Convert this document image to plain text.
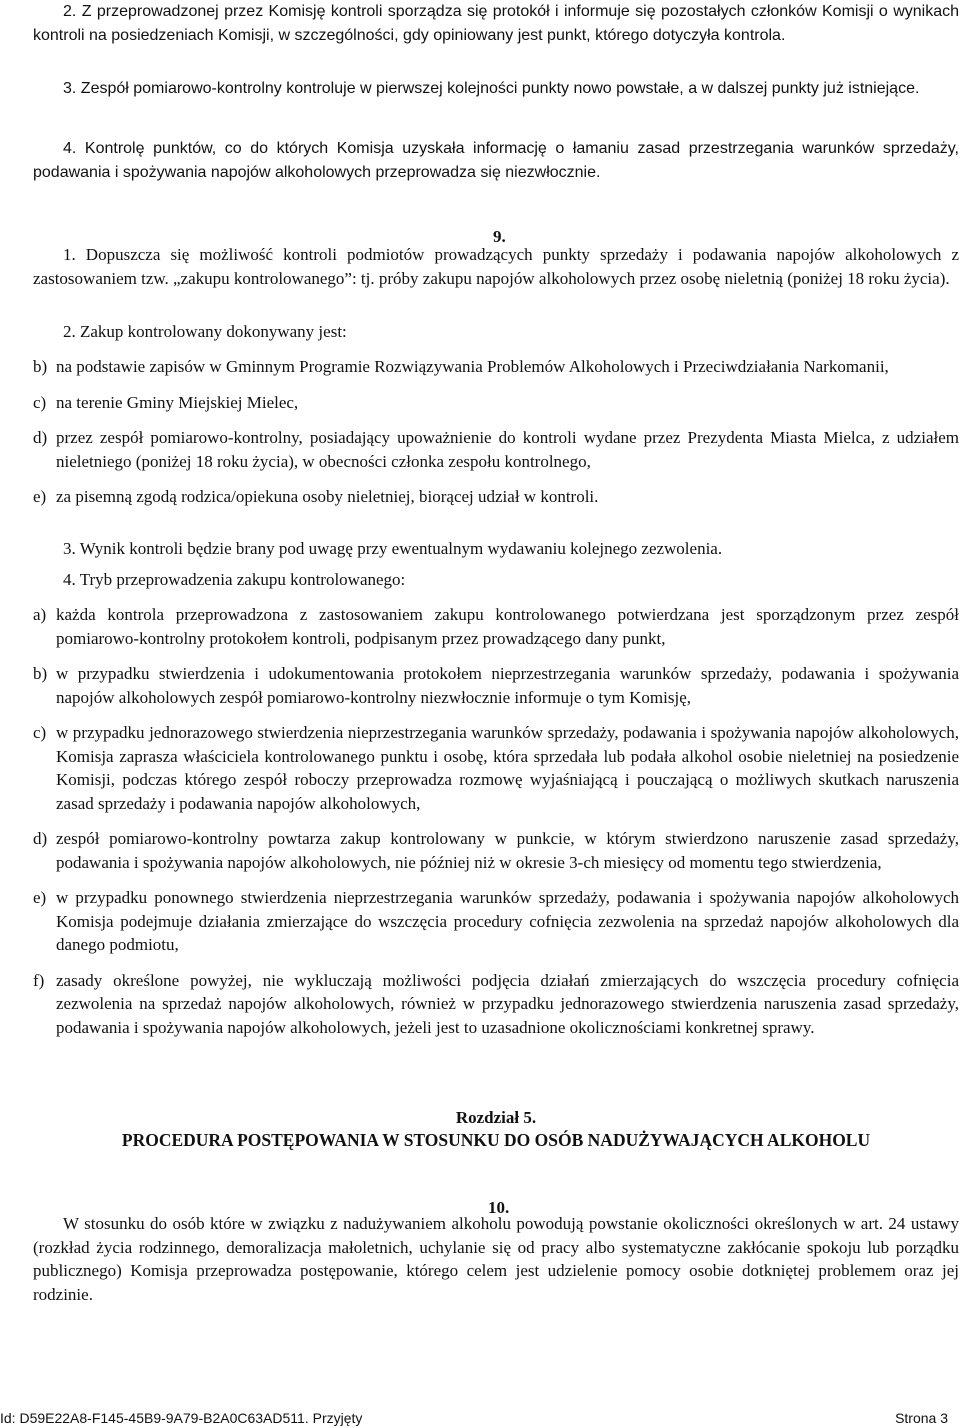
2. Z przeprowadzonej przez Komisję kontroli sporządza się protokół i informuje się pozostałych członków Komisji o wynikach kontroli na posiedzeniach Komisji, w szczególności, gdy opiniowany jest punkt, którego dotyczyła kontrola.

3. Zespół pomiarowo-kontrolny kontroluje w pierwszej kolejności punkty nowo powstałe, a w dalszej punkty już istniejące.

4. Kontrolę punktów, co do których Komisja uzyskała informację o łamaniu zasad przestrzegania warunków sprzedaży, podawania i spożywania napojów alkoholowych przeprowadza się niezwłocznie.

9.

1. Dopuszcza się możliwość kontroli podmiotów prowadzących punkty sprzedaży i podawania napojów alkoholowych z zastosowaniem tzw. „zakupu kontrolowanego”: tj. próby zakupu napojów alkoholowych przez osobę nieletnią (poniżej 18 roku życia).

2. Zakup kontrolowany dokonywany jest:

b) na podstawie zapisów w Gminnym Programie Rozwiązywania Problemów Alkoholowych i Przeciwdziałania Narkomanii,
c) na terenie Gminy Miejskiej Mielec,
d) przez zespół pomiarowo-kontrolny, posiadający upoważnienie do kontroli wydane przez Prezydenta Miasta Mielca, z udziałem nieletniego (poniżej 18 roku życia), w obecności członka zespołu kontrolnego,
e) za pisemną zgodą rodzica/opiekuna osoby nieletniej, biorącej udział w kontroli.

3. Wynik kontroli będzie brany pod uwagę przy ewentualnym wydawaniu kolejnego zezwolenia.

4. Tryb przeprowadzenia zakupu kontrolowanego:

a) każda kontrola przeprowadzona z zastosowaniem zakupu kontrolowanego potwierdzana jest sporządzonym przez zespół pomiarowo-kontrolny protokołem kontroli, podpisanym przez prowadzącego dany punkt,
b) w przypadku stwierdzenia i udokumentowania protokołem nieprzestrzegania warunków sprzedaży, podawania i spożywania napojów alkoholowych zespół pomiarowo-kontrolny niezwłocznie informuje o tym Komisję,
c) w przypadku jednorazowego stwierdzenia nieprzestrzegania warunków sprzedaży, podawania i spożywania napojów alkoholowych, Komisja zaprasza właściciela kontrolowanego punktu i osobę, która sprzedała lub podała alkohol osobie nieletniej na posiedzenie Komisji, podczas którego zespół roboczy przeprowadza rozmowę wyjaśniającą i pouczającą o możliwych skutkach naruszenia zasad sprzedaży i podawania napojów alkoholowych,
d) zespół pomiarowo-kontrolny powtarza zakup kontrolowany w punkcie, w którym stwierdzono naruszenie zasad sprzedaży, podawania i spożywania napojów alkoholowych, nie później niż w okresie 3-ch miesięcy od momentu tego stwierdzenia,
e) w przypadku ponownego stwierdzenia nieprzestrzegania warunków sprzedaży, podawania i spożywania napojów alkoholowych Komisja podejmuje działania zmierzające do wszczęcia procedury cofnięcia zezwolenia na sprzedaż napojów alkoholowych dla danego podmiotu,
f) zasady określone powyżej, nie wykluczają możliwości podjęcia działań zmierzających do wszczęcia procedury cofnięcia zezwolenia na sprzedaż napojów alkoholowych, również w przypadku jednorazowego stwierdzenia naruszenia zasad sprzedaży, podawania i spożywania napojów alkoholowych, jeżeli jest to uzasadnione okolicznościami konkretnej sprawy.

Rozdział 5.

PROCEDURA POSTĘPOWANIA W STOSUNKU DO OSÓB NADUŻYWAJĄCYCH ALKOHOLU

10.

W stosunku do osób które w związku z nadużywaniem alkoholu powodują powstanie okoliczności określonych w art. 24 ustawy (rozkład życia rodzinnego, demoralizacja małoletnich, uchylanie się od pracy albo systematyczne zakłócanie spokoju lub porządku publicznego) Komisja przeprowadza postępowanie, którego celem jest udzielenie pomocy osobie dotkniętej problemem oraz jej rodzinie.

Id: D59E22A8-F145-45B9-9A79-B2A0C63AD511. Przyjęty	Strona 3
